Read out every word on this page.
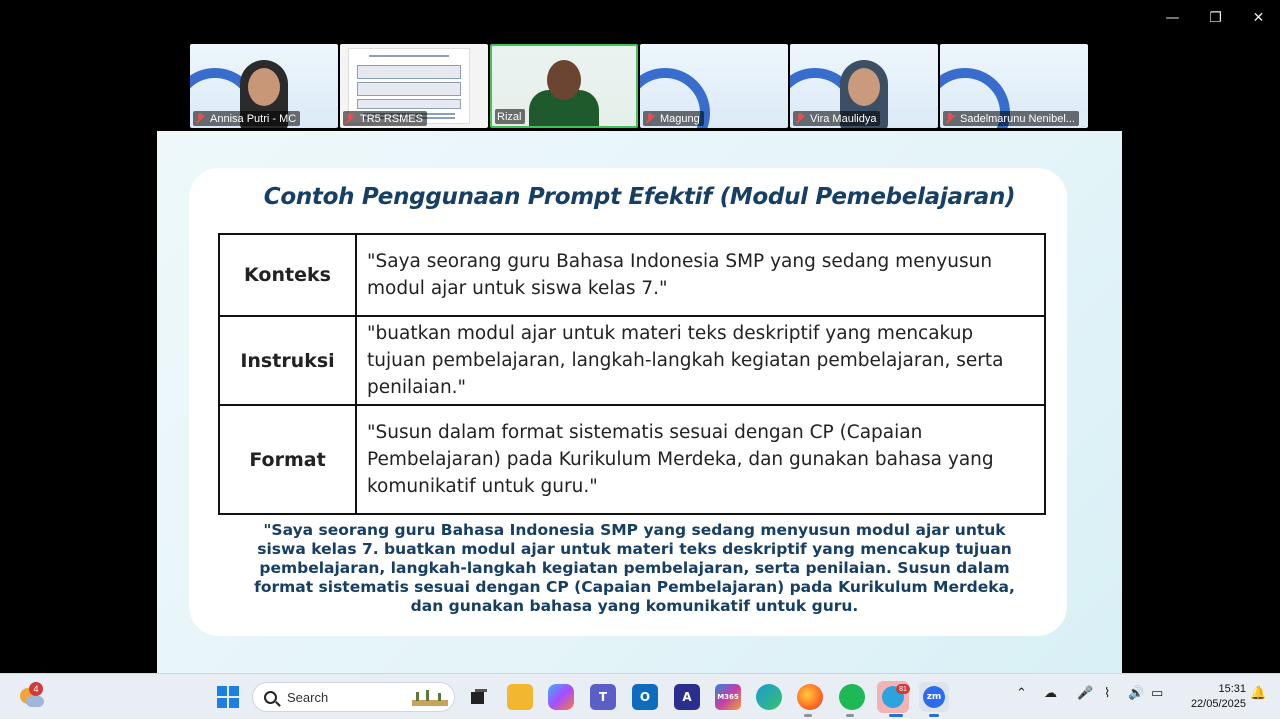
—	❐	✕
Annisa Putri - MC	TR5 RSMES	Rizal	Magung	Vira Maulidya	Sadelmarunu Nenibel...
Contoh Penggunaan Prompt Efektif (Modul Pemebelajaran)
Konteks	"Saya seorang guru Bahasa Indonesia SMP yang sedang menyusun modul ajar untuk siswa kelas 7."
Instruksi	"buatkan modul ajar untuk materi teks deskriptif yang mencakup tujuan pembelajaran, langkah-langkah kegiatan pembelajaran, serta penilaian."
Format	"Susun dalam format sistematis sesuai dengan CP (Capaian Pembelajaran) pada Kurikulum Merdeka, dan gunakan bahasa yang komunikatif untuk guru."
"Saya seorang guru Bahasa Indonesia SMP yang sedang menyusun modul ajar untuk siswa kelas 7. buatkan modul ajar untuk materi teks deskriptif yang mencakup tujuan pembelajaran, langkah-langkah kegiatan pembelajaran, serta penilaian. Susun dalam format sistematis sesuai dengan CP (Capaian Pembelajaran) pada Kurikulum Merdeka, dan gunakan bahasa yang komunikatif untuk guru.
4
Search	T	O	A	M365
81
zm	⌃ ☁ 🎤 ⌇ 🔊 ▭	15:31
22/05/2025
🔔
